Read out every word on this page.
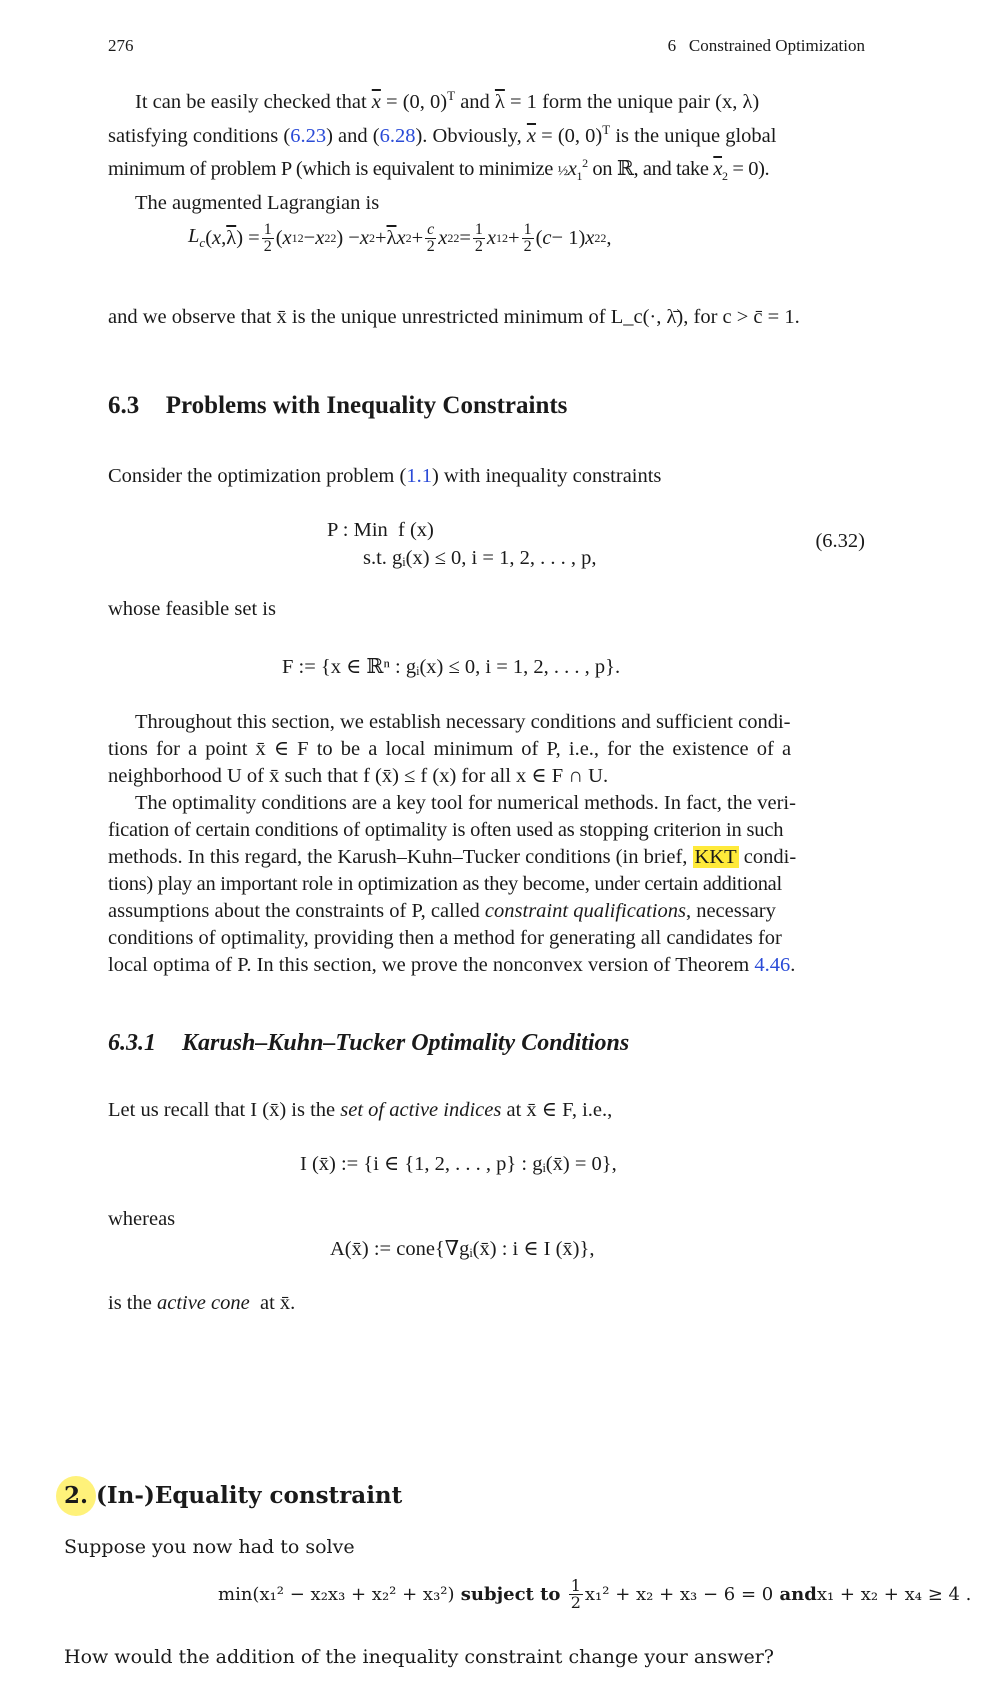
276	6   Constrained Optimization
It can be easily checked that $\overline{x} = (0$, 0)$^T$ and $\overline{\lambda} = 1$ form the unique pair (x, λ)
satisfying conditions (6.23) and (6.28). Obviously, $\overline{x} = (0$, 0)$^T$ is the unique global
minimum of problem P (which is equivalent to minimize $\frac{1}{2}x_1^2$ on ℝ, and take $\overline{x}_2 = 0$).
The augmented Lagrangian is
$L_c$ ( x , $\overline{\lambda}$ ) = $\frac{1}{2}$ ( x 1 2 − x 2 2 ) − x $2 + \overline{\lambda}$ x $2 + \frac{c}{2}$ x 2 $2 = \frac{1}{2}$ x 1 $2 + \frac{1}{2}$ ( c − 1) x 2 2 ,
and we observe that x̄ is the unique unrestricted minimum of L_c(·, λ̄), for c > c̄ = 1.
6.3 Problems with Inequality Constraints
Consider the optimization problem (1.1) with inequality constraints
P : Min  f (x)
s.t. gᵢ(x) ≤ 0, i = 1, 2, . . . , p,
(6.32)
whose feasible set is
F := {x ∈ ℝⁿ : gᵢ(x) ≤ 0, i = 1, 2, . . . , p}.
Throughout this section, we establish necessary conditions and sufficient condi-
tions for a point x̄ ∈ F to be a local minimum of P, i.e., for the existence of a
neighborhood U of x̄ such that f (x̄) ≤ f (x) for all x ∈ F ∩ U.
The optimality conditions are a key tool for numerical methods. In fact, the veri-
fication of certain conditions of optimality is often used as stopping criterion in such
methods. In this regard, the Karush–Kuhn–Tucker conditions (in brief, KKT condi-
tions) play an important role in optimization as they become, under certain additional
assumptions about the constraints of P, called constraint qualifications, necessary
conditions of optimality, providing then a method for generating all candidates for
local optima of P. In this section, we prove the nonconvex version of Theorem 4.46.
6.3.1 Karush–Kuhn–Tucker Optimality Conditions
Let us recall that I (x̄) is the set of active indices at x̄ ∈ F, i.e.,
I (x̄) := {i ∈ {1, 2, . . . , p} : gᵢ(x̄) = 0},
whereas
A(x̄) := cone{∇gᵢ(x̄) : i ∈ I (x̄)},
is the active cone  at x̄.
2. (In-)Equality constraint
Suppose you now had to solve
min(x₁² − x₂x₃ + x₂² + x₃²) subject to $\frac{1}{2} x_1^2 + x_2 + x_3 - 6 = 0$ and x₁ + x₂ + x₄ ≥ 4 .
How would the addition of the inequality constraint change your answer?
